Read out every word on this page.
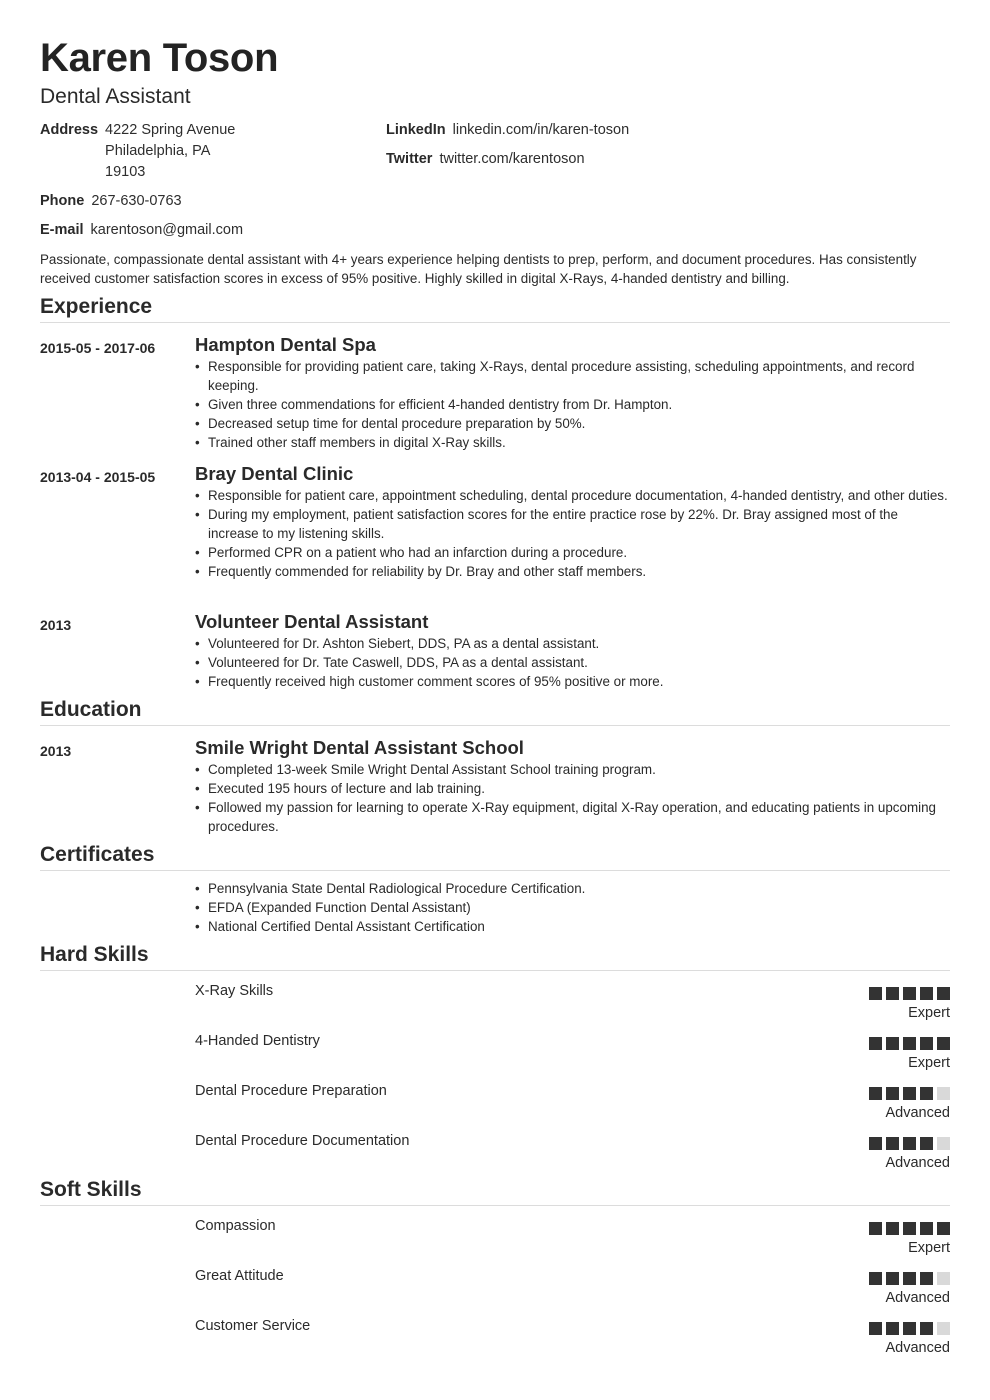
Karen Toson
Dental Assistant
Address 4222 Spring Avenue
Philadelphia, PA
19103
Phone 267-630-0763
E-mail karentoson@gmail.com
LinkedIn linkedin.com/in/karen-toson
Twitter twitter.com/karentoson
Passionate, compassionate dental assistant with 4+ years experience helping dentists to prep, perform, and document procedures. Has consistently received customer satisfaction scores in excess of 95% positive. Highly skilled in digital X-Rays, 4-handed dentistry and billing.
Experience
2015-05 - 2017-06 Hampton Dental Spa
• Responsible for providing patient care, taking X-Rays, dental procedure assisting, scheduling appointments, and record keeping.
• Given three commendations for efficient 4-handed dentistry from Dr. Hampton.
• Decreased setup time for dental procedure preparation by 50%.
• Trained other staff members in digital X-Ray skills.
2013-04 - 2015-05 Bray Dental Clinic
• Responsible for patient care, appointment scheduling, dental procedure documentation, 4-handed dentistry, and other duties.
• During my employment, patient satisfaction scores for the entire practice rose by 22%. Dr. Bray assigned most of the increase to my listening skills.
• Performed CPR on a patient who had an infarction during a procedure.
• Frequently commended for reliability by Dr. Bray and other staff members.
2013	Volunteer Dental Assistant
• Volunteered for Dr. Ashton Siebert, DDS, PA as a dental assistant.
• Volunteered for Dr. Tate Caswell, DDS, PA as a dental assistant.
• Frequently received high customer comment scores of 95% positive or more.
Education
2013	Smile Wright Dental Assistant School
• Completed 13-week Smile Wright Dental Assistant School training program.
• Executed 195 hours of lecture and lab training.
• Followed my passion for learning to operate X-Ray equipment, digital X-Ray operation, and educating patients in upcoming procedures.
Certificates
• Pennsylvania State Dental Radiological Procedure Certification.
• EFDA (Expanded Function Dental Assistant)
• National Certified Dental Assistant Certification
Hard Skills
X-Ray Skills
Expert
4-Handed Dentistry
Expert
Dental Procedure Preparation
Advanced
Dental Procedure Documentation
Advanced
Soft Skills
Compassion
Expert
Great Attitude
Advanced
Customer Service
Advanced
